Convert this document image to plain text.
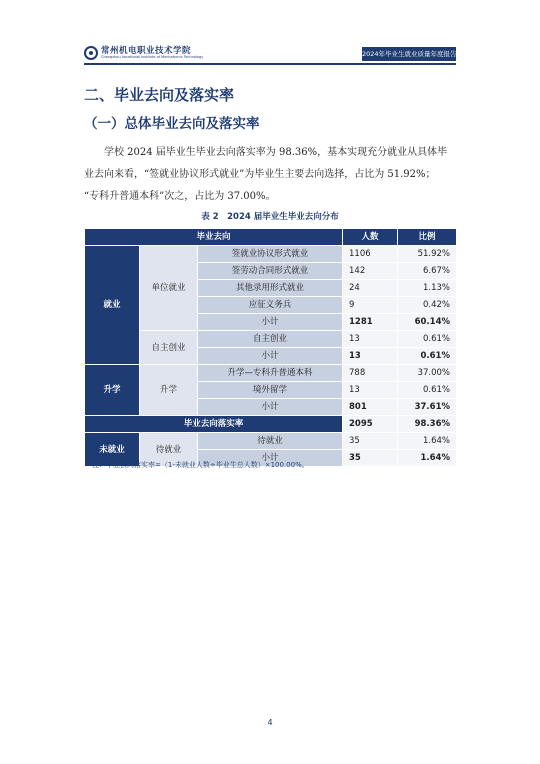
常州机电职业技术学院
Changzhou Vocational Institute of Mechatronic Technology	2024年毕业生就业质量年度报告
二、毕业去向及落实率
（一）总体毕业去向及落实率
学校 2024 届毕业生毕业去向落实率为 98.36%，基本实现充分就业从具体毕
业去向来看，“签就业协议形式就业”为毕业生主要去向选择，占比为 51.92%；
“专科升普通本科”次之，占比为 37.00%。
表 2　2024 届毕业生毕业去向分布
毕业去向			人数	比例
就业	单位就业	签就业协议形式就业	1106	51.92%
		签劳动合同形式就业	142	6.67%
		其他录用形式就业	24	1.13%
		应征义务兵	9	0.42%
		小计	1281	60.14%
	自主创业	自主创业	13	0.61%
		小计	13	0.61%
升学	升学	升学—专科升普通本科	788	37.00%
		境外留学	13	0.61%
		小计	801	37.61%
毕业去向落实率			2095	98.36%
未就业	待就业	待就业	35	1.64%
		小计	35	1.64%
注：毕业去向落实率=（1-未就业人数÷毕业生总人数）×100.00%。
4
